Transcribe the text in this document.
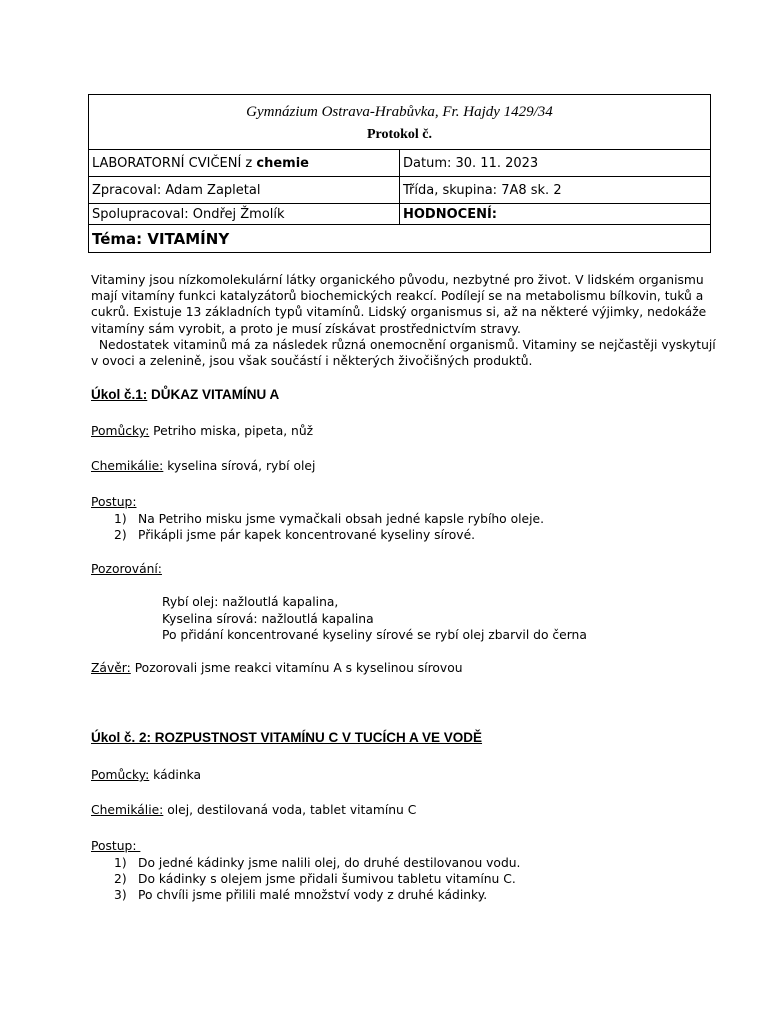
Gymnázium Ostrava-Hrabůvka, Fr. Hajdy 1429/34
Protokol č.	

LABORATORNÍ CVIČENÍ z chemie	Datum: 30. 11. 2023
Zpracoval: Adam Zapletal	Třída, skupina: 7A8 sk. 2
Spolupracoval: Ondřej Žmolík	HODNOCENÍ:
Téma: VITAMÍNY	
Vitaminy jsou nízkomolekulární látky organického původu, nezbytné pro život. V lidském organismu
mají vitamíny funkci katalyzátorů biochemických reakcí. Podílejí se na metabolismu bílkovin, tuků a
cukrů. Existuje 13 základních typů vitamínů. Lidský organismus si, až na některé výjimky, nedokáže
vitamíny sám vyrobit, a proto je musí získávat prostřednictvím stravy.
Nedostatek vitaminů má za následek různá onemocnění organismů. Vitaminy se nejčastěji vyskytují
v ovoci a zelenině, jsou však součástí i některých živočišných produktů.
Úkol č.1: DŮKAZ VITAMÍNU A
Pomůcky: Petriho miska, pipeta, nůž
Chemikálie: kyselina sírová, rybí olej
Postup:
1) Na Petriho misku jsme vymačkali obsah jedné kapsle rybího oleje.
2) Přikápli jsme pár kapek koncentrované kyseliny sírové.
Pozorování:
Rybí olej: nažloutlá kapalina,
Kyselina sírová: nažloutlá kapalina
Po přidání koncentrované kyseliny sírové se rybí olej zbarvil do černa
Závěr: Pozorovali jsme reakci vitamínu A s kyselinou sírovou
Úkol č. 2: ROZPUSTNOST VITAMÍNU C V TUCÍCH A VE VODĚ
Pomůcky: kádinka
Chemikálie: olej, destilovaná voda, tablet vitamínu C
Postup:
1) Do jedné kádinky jsme nalili olej, do druhé destilovanou vodu.
2) Do kádinky s olejem jsme přidali šumivou tabletu vitamínu C.
3) Po chvíli jsme přilili malé množství vody z druhé kádinky.
